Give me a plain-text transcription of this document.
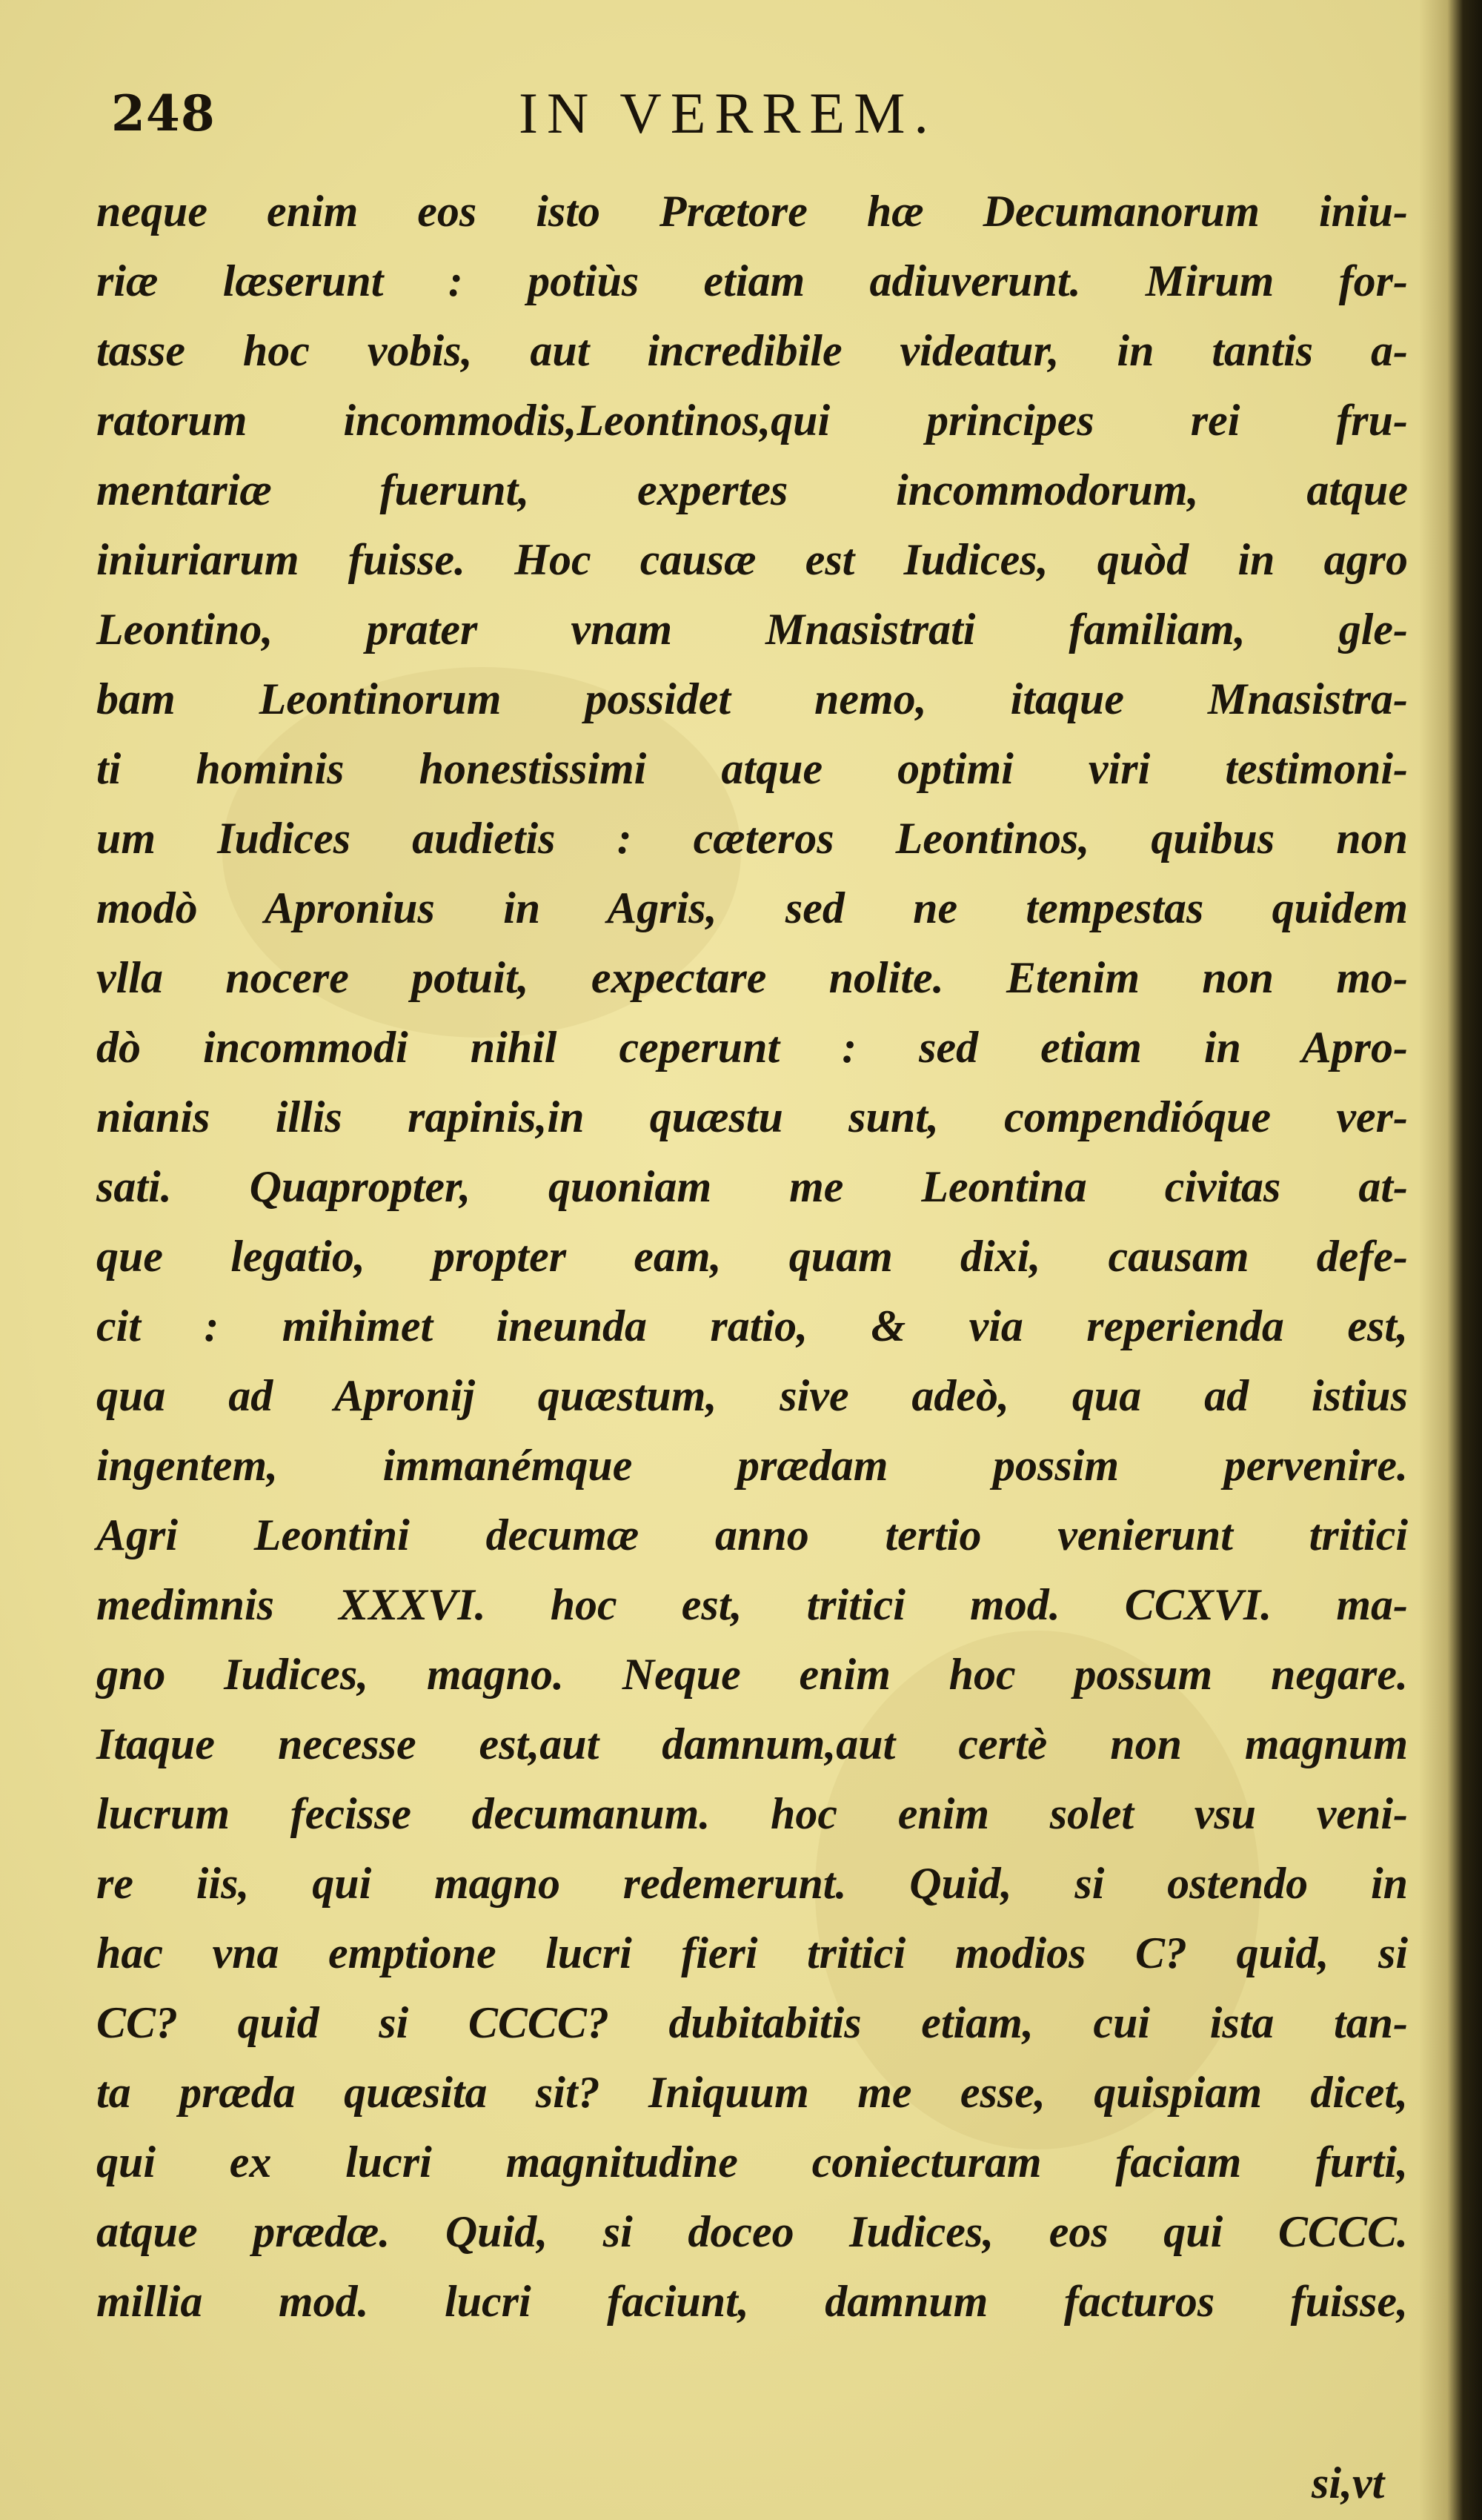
248	IN VERREM.
neque enim eos isto Prætore hæ Decumanorum iniu-
riæ læserunt : potiùs etiam adiuverunt. Mirum for-
tasse hoc vobis, aut incredibile videatur, in tantis a-
ratorum incommodis,Leontinos,qui principes rei fru-
mentariæ fuerunt, expertes incommodorum, atque
iniuriarum fuisse. Hoc causæ est Iudices, quòd in agro
Leontino, prater vnam Mnasistrati familiam, gle-
bam Leontinorum possidet nemo, itaque Mnasistra-
ti hominis honestissimi atque optimi viri testimoni-
um Iudices audietis : cæteros Leontinos, quibus non
modò Apronius in Agris, sed ne tempestas quidem
vlla nocere potuit, expectare nolite. Etenim non mo-
dò incommodi nihil ceperunt : sed etiam in Apro-
nianis illis rapinis,in quæstu sunt, compendióque ver-
sati. Quapropter, quoniam me Leontina civitas at-
que legatio, propter eam, quam dixi, causam defe-
cit : mihimet ineunda ratio, & via reperienda est,
qua ad Apronij quæstum, sive adeò, qua ad istius
ingentem, immanémque prædam possim pervenire.
Agri Leontini decumæ anno tertio venierunt tritici
medimnis XXXVI. hoc est, tritici mod. CCXVI. ma-
gno Iudices, magno. Neque enim hoc possum negare.
Itaque necesse est,aut damnum,aut certè non magnum
lucrum fecisse decumanum. hoc enim solet vsu veni-
re iis, qui magno redemerunt. Quid, si ostendo in
hac vna emptione lucri fieri tritici modios C? quid, si
CC? quid si CCCC? dubitabitis etiam, cui ista tan-
ta præda quæsita sit? Iniquum me esse, quispiam dicet,
qui ex lucri magnitudine coniecturam faciam furti,
atque prædæ. Quid, si doceo Iudices, eos qui CCCC.
millia mod. lucri faciunt, damnum facturos fuisse,
si,vt
